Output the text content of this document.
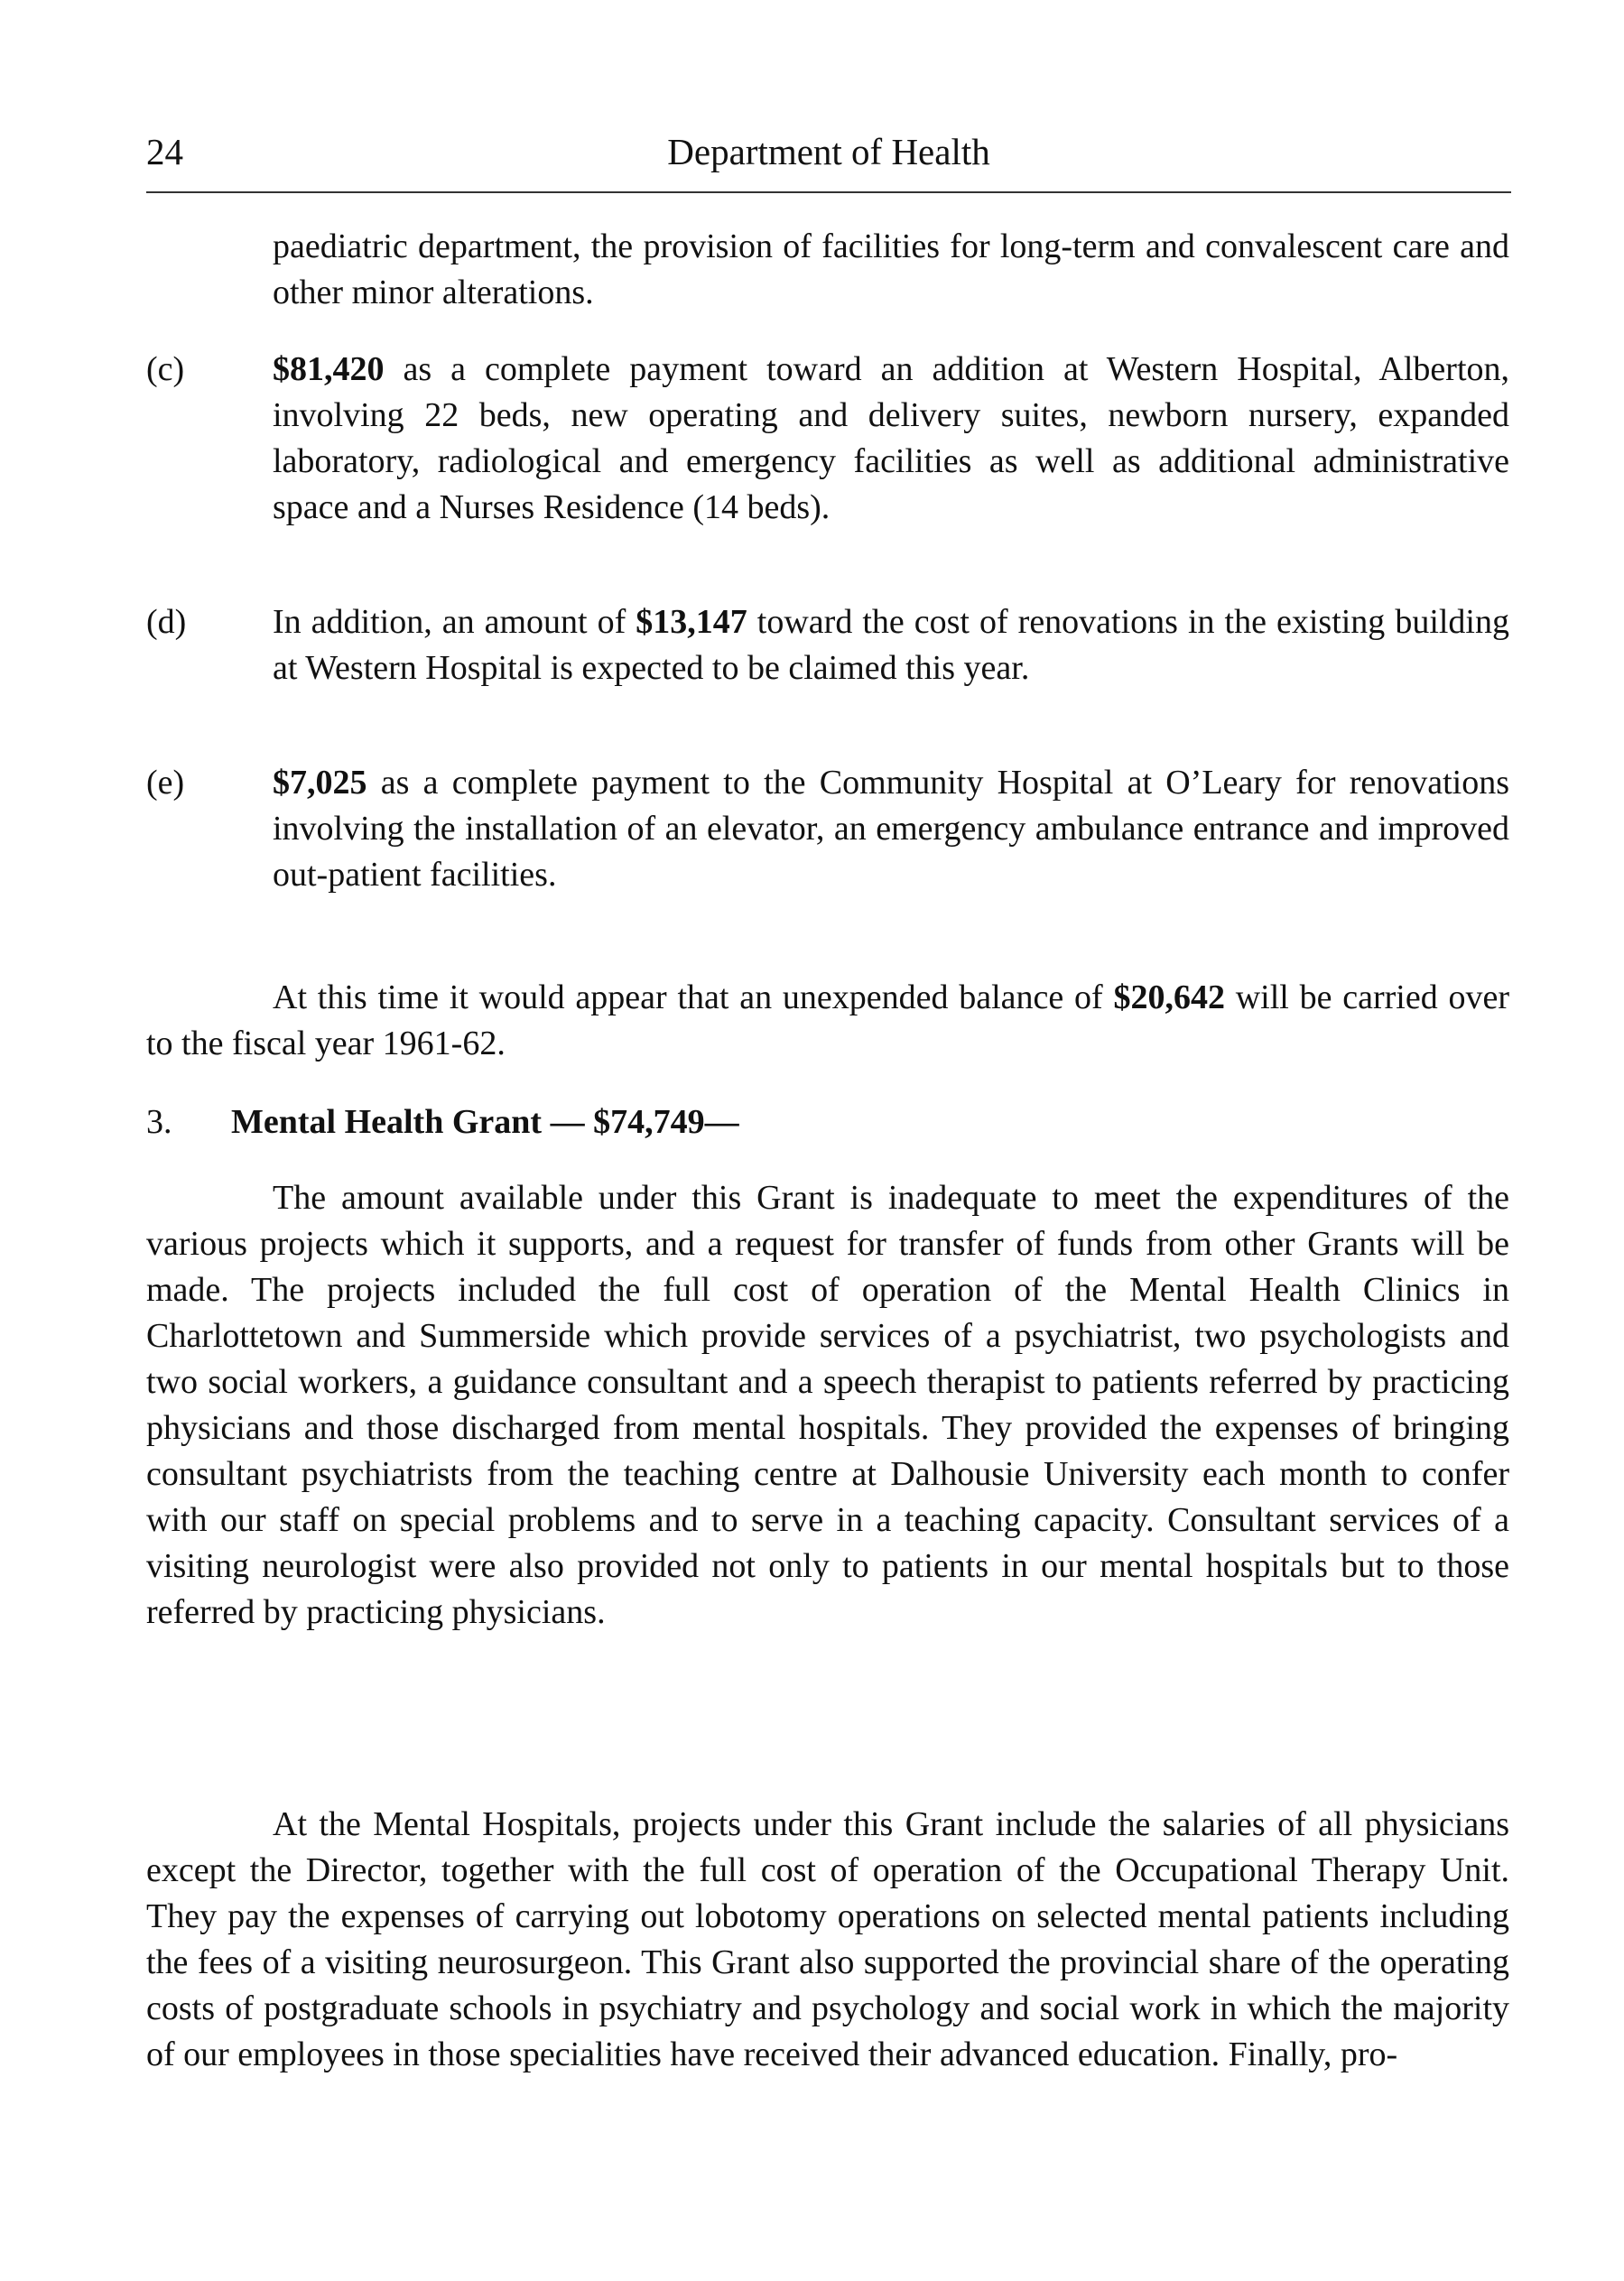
24	Department of Health
paediatric department, the provision of facilities for long-term and convalescent care and other minor alterations.
(c)	$81,420 as a complete payment toward an addition at Western Hospital, Alberton, involving 22 beds, new operating and delivery suites, newborn nursery, expanded laboratory, radiological and emergency facilities as well as additional administrative space and a Nurses Residence (14 beds).
(d)	In addition, an amount of $13,147 toward the cost of renovations in the existing building at Western Hospital is expected to be claimed this year.
(e)	$7,025 as a complete payment to the Community Hospital at O’Leary for renovations involving the installation of an elevator, an emergency ambulance entrance and improved out-patient facilities.
At this time it would appear that an unexpended balance of $20,642 will be carried over to the fiscal year 1961-62.
3. Mental Health Grant — $74,749—
The amount available under this Grant is inadequate to meet the expenditures of the various projects which it supports, and a request for transfer of funds from other Grants will be made. The projects included the full cost of operation of the Mental Health Clinics in Charlottetown and Summerside which provide services of a psychiatrist, two psychologists and two social workers, a guidance consultant and a speech therapist to patients referred by practicing physicians and those discharged from mental hospitals. They provided the expenses of bringing consultant psychiatrists from the teaching centre at Dalhousie University each month to confer with our staff on special problems and to serve in a teaching capacity. Consultant services of a visiting neurologist were also provided not only to patients in our mental hospitals but to those referred by practicing physicians.
At the Mental Hospitals, projects under this Grant include the salaries of all physicians except the Director, together with the full cost of operation of the Occupational Therapy Unit. They pay the expenses of carrying out lobotomy operations on selected mental patients including the fees of a visiting neurosurgeon. This Grant also supported the provincial share of the operating costs of postgraduate schools in psychiatry and psychology and social work in which the majority of our employees in those specialities have received their advanced education. Finally, pro-
